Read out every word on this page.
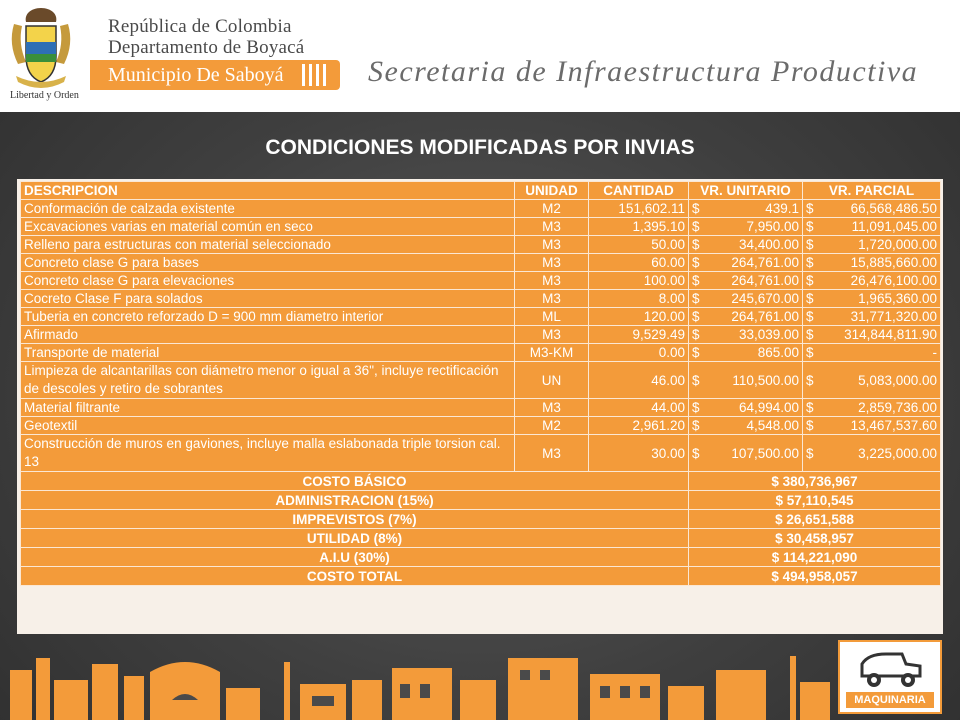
Libertad y Orden
República de Colombia
Departamento de Boyacá
Municipio De Saboyá	Secretaria de Infraestructura Productiva
CONDICIONES MODIFICADAS POR INVIAS
DESCRIPCION	UNIDAD	CANTIDAD	VR. UNITARIO	VR. PARCIAL
Conformación de calzada existente	M2	151,602.11	$ 439.1	$ 66,568,486.50
Excavaciones varias en material común en seco	M3	1,395.10	$ 7,950.00	$ 11,091,045.00
Relleno para estructuras con material seleccionado	M3	50.00	$ 34,400.00	$ 1,720,000.00
Concreto clase G para bases	M3	60.00	$ 264,761.00	$ 15,885,660.00
Concreto clase G para elevaciones	M3	100.00	$ 264,761.00	$ 26,476,100.00
Cocreto Clase F para solados	M3	8.00	$ 245,670.00	$ 1,965,360.00
Tuberia en concreto reforzado D = 900 mm diametro interior	ML	120.00	$ 264,761.00	$ 31,771,320.00
Afirmado	M3	9,529.49	$ 33,039.00	$ 314,844,811.90
Transporte de material	M3-KM	0.00	$ 865.00	$ -
Limpieza de alcantarillas con diámetro menor o igual a 36", incluye rectificación de descoles y retiro de sobrantes	UN	46.00	$ 110,500.00	$ 5,083,000.00
Material filtrante	M3	44.00	$ 64,994.00	$ 2,859,736.00
Geotextil	M2	2,961.20	$ 4,548.00	$ 13,467,537.60
Construcción de muros en gaviones, incluye malla eslabonada triple torsion cal. 13	M3	30.00	$ 107,500.00	$ 3,225,000.00
COSTO BÁSICO			$ 380,736,967	
ADMINISTRACION (15%)			$ 57,110,545	
IMPREVISTOS (7%)			$ 26,651,588	
UTILIDAD (8%)			$ 30,458,957	
A.I.U (30%)			$ 114,221,090	
COSTO TOTAL			$ 494,958,057	
MAQUINARIA
